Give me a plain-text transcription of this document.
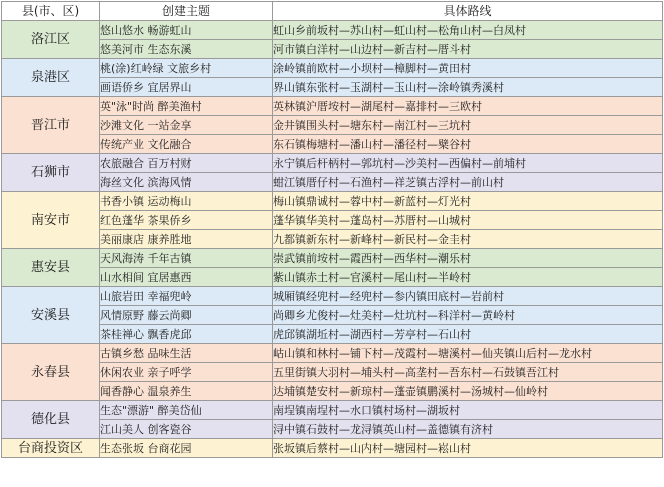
县(市、区)	创建主题	具体路线
洛江区	悠山悠水 畅游虹山	虹山乡前坂村—苏山村—虹山村—松角山村—白凤村
	悠美河市 生态东溪	河市镇白洋村—山边村—新吉村—厝斗村
泉港区	桃(涂)红岭绿 文旅乡村	涂岭镇前欧村—小坝村—樟脚村—黄田村
	画语侨乡 宜居界山	界山镇东张村—玉湖村—玉山村—涂岭镇秀溪村
晋江市	英"泳"时尚 醉美渔村	英林镇沪厝垵村—湖尾村—嘉排村—三欧村
	沙滩文化 一站金享	金井镇围头村—塘东村—南江村—三坑村
	传统产业 文化融合	东石镇梅塘村—潘山村—潘径村—檗谷村
石狮市	农旅融合 百万村财	永宁镇后杆柄村—郭坑村—沙美村—西偏村—前埔村
	海丝文化 滨海风情	蚶江镇厝仔村—石渔村—祥芝镇古浮村—前山村
南安市	书香小镇 运动梅山	梅山镇鼎诚村—蓉中村—新蓝村—灯光村
	红色蓬华 茶果侨乡	蓬华镇华美村—蓬岛村—苏厝村—山城村
	美丽康店 康养胜地	九都镇新东村—新峰村—新民村—金圭村
惠安县	天风海涛 千年古镇	崇武镇前垵村—霞西村—西华村—潮乐村
	山水相间 宜居惠西	紫山镇赤土村—官溪村—尾山村—半岭村
安溪县	山旅岩田 幸福兜岭	城厢镇经兜村—经兜村—参内镇田底村—岩前村
	风情原野 藤云尚卿	尚卿乡尤俊村—灶美村—灶坑村—科洋村—黄岭村
	茶桂禅心 飘香虎邱	虎邱镇湖坵村—湖西村—芳亭村—石山村
永春县	古镇乡愁 品味生活	岵山镇和林村—铺下村—茂霞村—塘溪村—仙夹镇山后村—龙水村
	休闲农业 亲子呼学	五里街镇大羽村—埔头村—高垄村—吾东村—石鼓镇吾江村
	闻香静心 温泉养生	达埔镇楚安村—新琼村—蓬壶镇鹏溪村—汤城村—仙岭村
德化县	生态"漂游" 醉美岱仙	南埕镇南埕村—水口镇村场村—湖坂村
	江山美人 创客瓷谷	浔中镇石鼓村—龙浔镇英山村—盖德镇有济村
台商投资区	生态张坂 台商花园	张坂镇后蔡村—山内村—塘园村—崧山村
